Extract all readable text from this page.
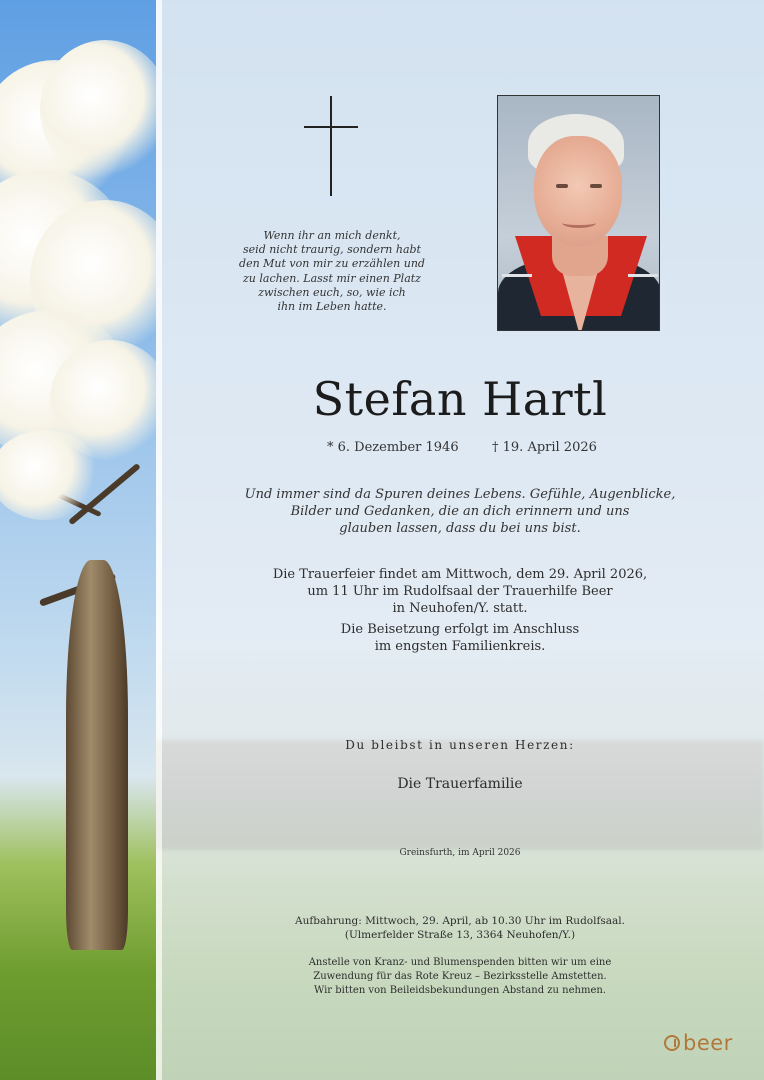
Wenn ihr an mich denkt,
seid nicht traurig, sondern habt
den Mut von mir zu erzählen und
zu lachen. Lasst mir einen Platz
zwischen euch, so, wie ich
ihn im Leben hatte.
Stefan Hartl
* 6. Dezember 1946	† 19. April 2026
Und immer sind da Spuren deines Lebens. Gefühle, Augenblicke,
Bilder und Gedanken, die an dich erinnern und uns
glauben lassen, dass du bei uns bist.
Die Trauerfeier findet am Mittwoch, dem 29. April 2026,
um 11 Uhr im Rudolfsaal der Trauerhilfe Beer
in Neuhofen/Y. statt.
Die Beisetzung erfolgt im Anschluss
im engsten Familienkreis.
Du bleibst in unseren Herzen:
Die Trauerfamilie
Greinsfurth, im April 2026
Aufbahrung: Mittwoch, 29. April, ab 10.30 Uhr im Rudolfsaal.
(Ulmerfelder Straße 13, 3364 Neuhofen/Y.)
Anstelle von Kranz- und Blumenspenden bitten wir um eine
Zuwendung für das Rote Kreuz – Bezirksstelle Amstetten.
Wir bitten von Beileidsbekundungen Abstand zu nehmen.
beer
